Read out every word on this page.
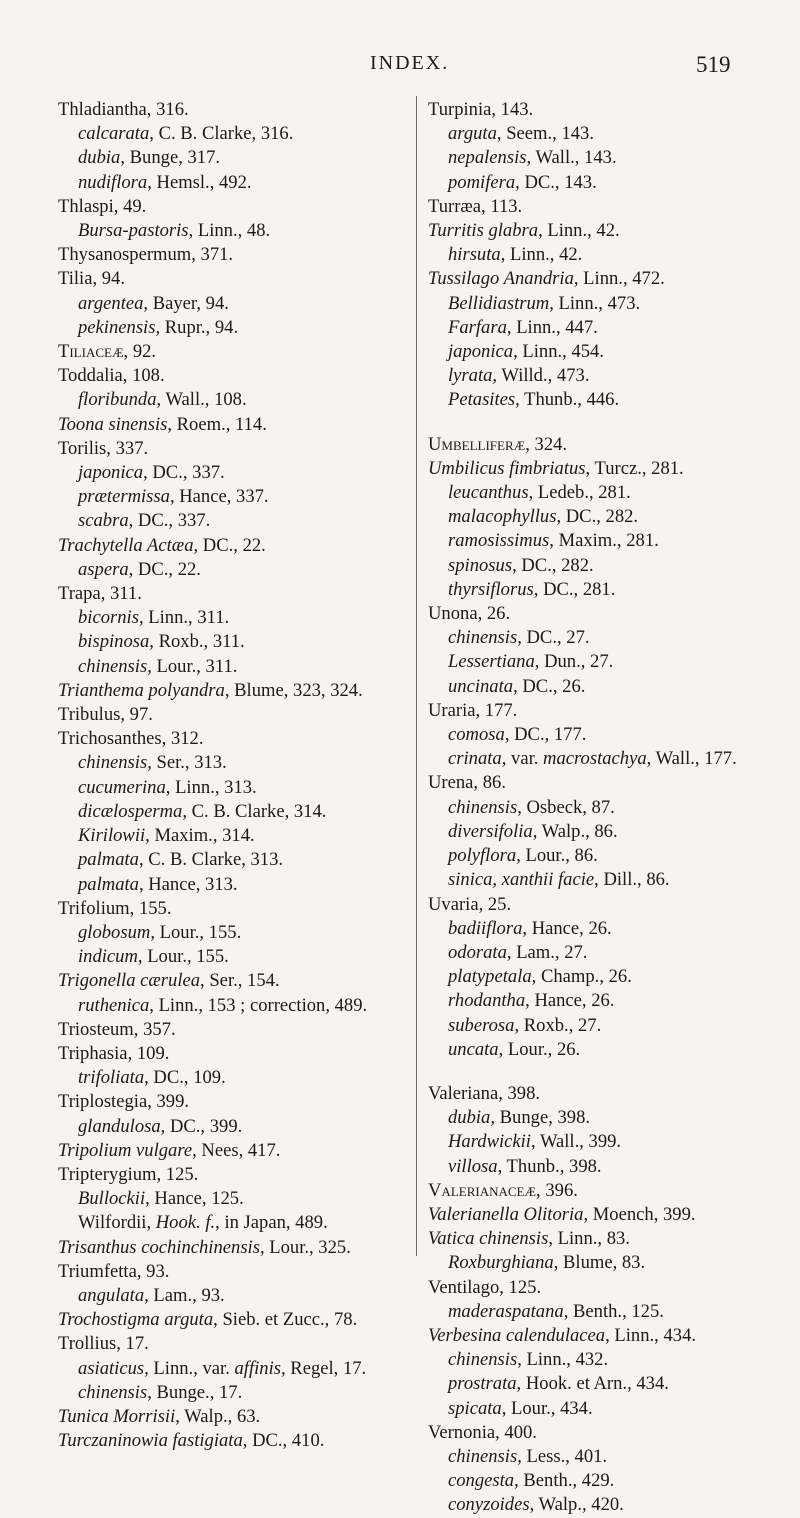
INDEX.	519
Thladiantha, 316.
calcarata, C. B. Clarke, 316.
dubia, Bunge, 317.
nudiflora, Hemsl., 492.
Thlaspi, 49.
Bursa-pastoris, Linn., 48.
Thysanospermum, 371.
Tilia, 94.
argentea, Bayer, 94.
pekinensis, Rupr., 94.
Tiliaceæ, 92.
Toddalia, 108.
floribunda, Wall., 108.
Toona sinensis, Roem., 114.
Torilis, 337.
japonica, DC., 337.
prætermissa, Hance, 337.
scabra, DC., 337.
Trachytella Actæa, DC., 22.
aspera, DC., 22.
Trapa, 311.
bicornis, Linn., 311.
bispinosa, Roxb., 311.
chinensis, Lour., 311.
Trianthema polyandra, Blume, 323, 324.
Tribulus, 97.
Trichosanthes, 312.
chinensis, Ser., 313.
cucumerina, Linn., 313.
dicælosperma, C. B. Clarke, 314.
Kirilowii, Maxim., 314.
palmata, C. B. Clarke, 313.
palmata, Hance, 313.
Trifolium, 155.
globosum, Lour., 155.
indicum, Lour., 155.
Trigonella cærulea, Ser., 154.
ruthenica, Linn., 153 ; correction, 489.
Triosteum, 357.
Triphasia, 109.
trifoliata, DC., 109.
Triplostegia, 399.
glandulosa, DC., 399.
Tripolium vulgare, Nees, 417.
Tripterygium, 125.
Bullockii, Hance, 125.
Wilfordii, Hook. f., in Japan, 489.
Trisanthus cochinchinensis, Lour., 325.
Triumfetta, 93.
angulata, Lam., 93.
Trochostigma arguta, Sieb. et Zucc., 78.
Trollius, 17.
asiaticus, Linn., var. affinis, Regel, 17.
chinensis, Bunge., 17.
Tunica Morrisii, Walp., 63.
Turczaninowia fastigiata, DC., 410.
Turpinia, 143.
arguta, Seem., 143.
nepalensis, Wall., 143.
pomifera, DC., 143.
Turræa, 113.
Turritis glabra, Linn., 42.
hirsuta, Linn., 42.
Tussilago Anandria, Linn., 472.
Bellidiastrum, Linn., 473.
Farfara, Linn., 447.
japonica, Linn., 454.
lyrata, Willd., 473.
Petasites, Thunb., 446.
Umbelliferæ, 324.
Umbilicus fimbriatus, Turcz., 281.
leucanthus, Ledeb., 281.
malacophyllus, DC., 282.
ramosissimus, Maxim., 281.
spinosus, DC., 282.
thyrsiflorus, DC., 281.
Unona, 26.
chinensis, DC., 27.
Lessertiana, Dun., 27.
uncinata, DC., 26.
Uraria, 177.
comosa, DC., 177.
crinata, var. macrostachya, Wall., 177.
Urena, 86.
chinensis, Osbeck, 87.
diversifolia, Walp., 86.
polyflora, Lour., 86.
sinica, xanthii facie, Dill., 86.
Uvaria, 25.
badiiflora, Hance, 26.
odorata, Lam., 27.
platypetala, Champ., 26.
rhodantha, Hance, 26.
suberosa, Roxb., 27.
uncata, Lour., 26.
Valeriana, 398.
dubia, Bunge, 398.
Hardwickii, Wall., 399.
villosa, Thunb., 398.
Valerianaceæ, 396.
Valerianella Olitoria, Moench, 399.
Vatica chinensis, Linn., 83.
Roxburghiana, Blume, 83.
Ventilago, 125.
maderaspatana, Benth., 125.
Verbesina calendulacea, Linn., 434.
chinensis, Linn., 432.
prostrata, Hook. et Arn., 434.
spicata, Lour., 434.
Vernonia, 400.
chinensis, Less., 401.
congesta, Benth., 429.
conyzoides, Walp., 420.
